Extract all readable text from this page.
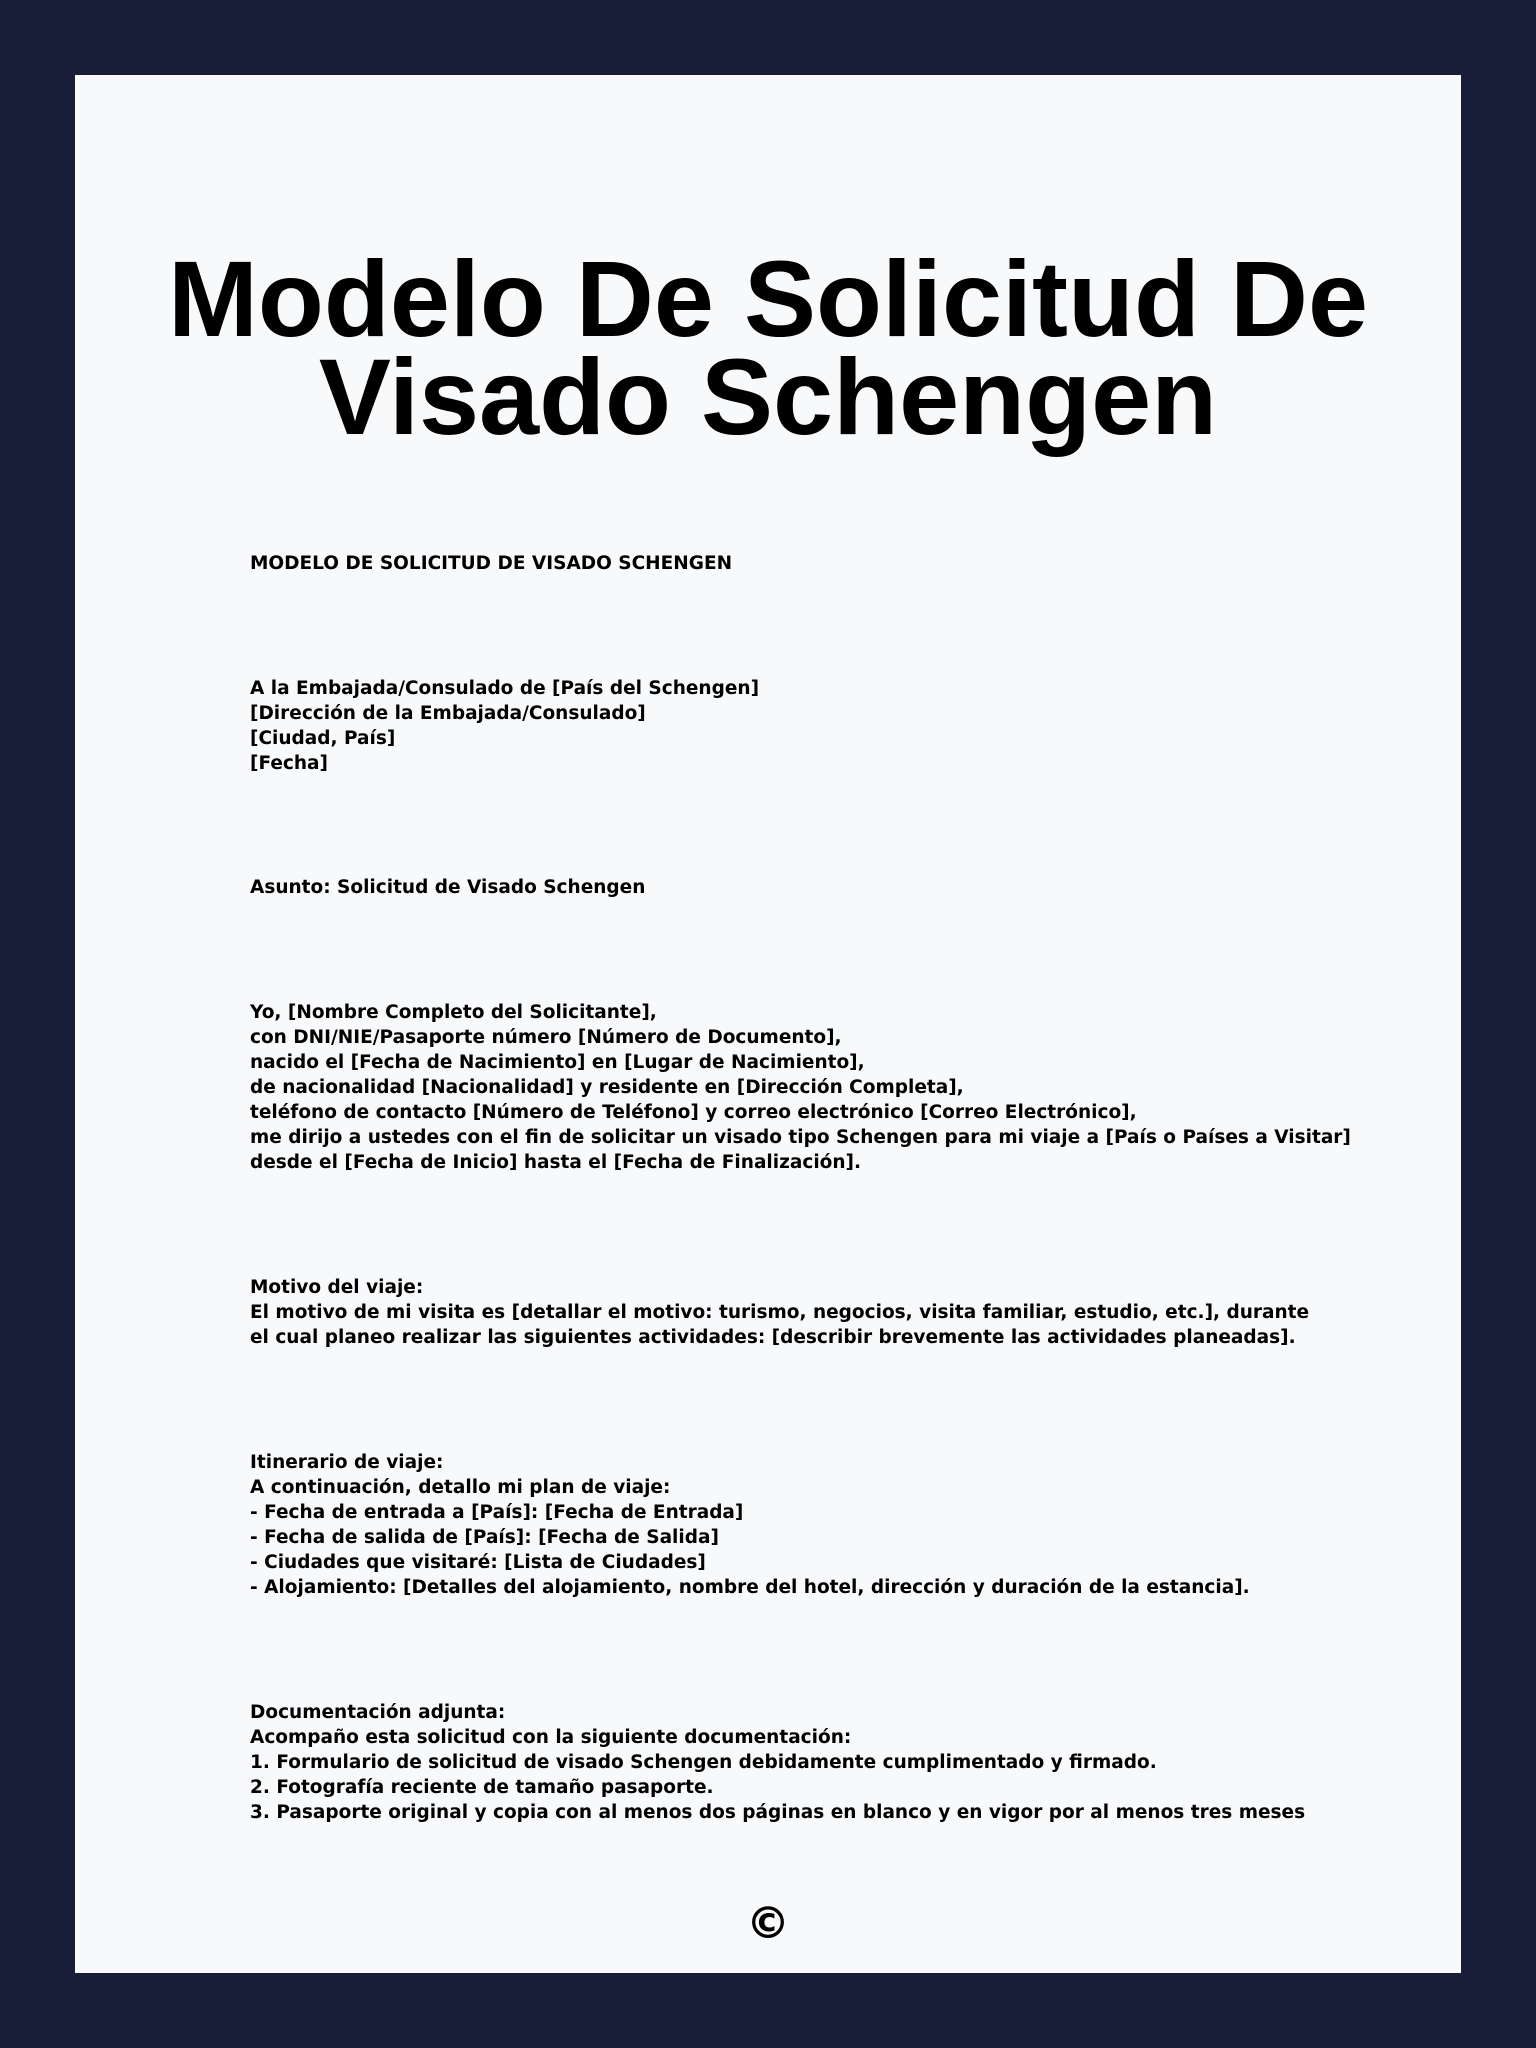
Modelo De Solicitud De Visado Schengen
MODELO DE SOLICITUD DE VISADO SCHENGEN
A la Embajada/Consulado de [País del Schengen]
[Dirección de la Embajada/Consulado]
[Ciudad, País]
[Fecha]
Asunto: Solicitud de Visado Schengen
Yo, [Nombre Completo del Solicitante],
con DNI/NIE/Pasaporte número [Número de Documento],
nacido el [Fecha de Nacimiento] en [Lugar de Nacimiento],
de nacionalidad [Nacionalidad] y residente en [Dirección Completa],
teléfono de contacto [Número de Teléfono] y correo electrónico [Correo Electrónico],
me dirijo a ustedes con el fin de solicitar un visado tipo Schengen para mi viaje a [País o Países a Visitar]
desde el [Fecha de Inicio] hasta el [Fecha de Finalización].
Motivo del viaje:
El motivo de mi visita es [detallar el motivo: turismo, negocios, visita familiar, estudio, etc.], durante el cual planeo realizar las siguientes actividades: [describir brevemente las actividades planeadas].
Itinerario de viaje:
A continuación, detallo mi plan de viaje:
- Fecha de entrada a [País]: [Fecha de Entrada]
- Fecha de salida de [País]: [Fecha de Salida]
- Ciudades que visitaré: [Lista de Ciudades]
- Alojamiento: [Detalles del alojamiento, nombre del hotel, dirección y duración de la estancia].
Documentación adjunta:
Acompaño esta solicitud con la siguiente documentación:
1. Formulario de solicitud de visado Schengen debidamente cumplimentado y firmado.
2. Fotografía reciente de tamaño pasaporte.
3. Pasaporte original y copia con al menos dos páginas en blanco y en vigor por al menos tres meses
©
